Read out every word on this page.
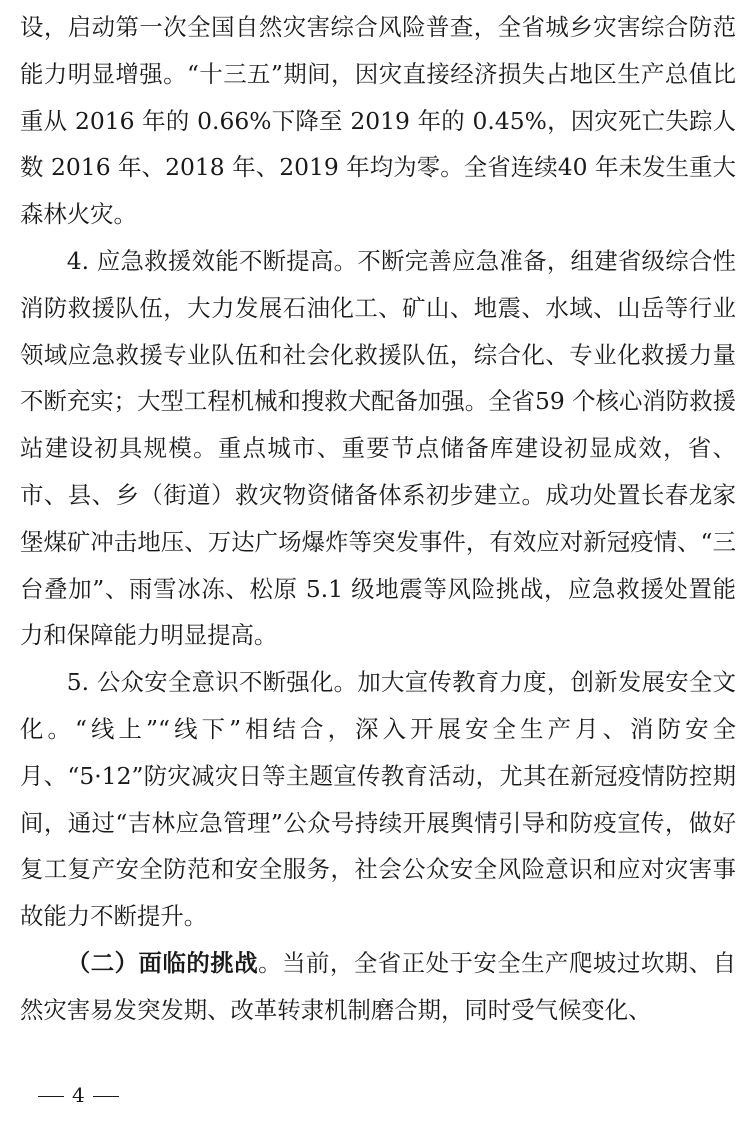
设，启动第一次全国自然灾害综合风险普查，全省城乡灾害综合防范能力明显增强。“十三五”期间，因灾直接经济损失占地区生产总值比重从 2016 年的 0.66%下降至 2019 年的 0.45%，因灾死亡失踪人数 2016 年、2018 年、2019 年均为零。全省连续40 年未发生重大森林火灾。

4. 应急救援效能不断提高。不断完善应急准备，组建省级综合性消防救援队伍，大力发展石油化工、矿山、地震、水域、山岳等行业领域应急救援专业队伍和社会化救援队伍，综合化、专业化救援力量不断充实；大型工程机械和搜救犬配备加强。全省59 个核心消防救援站建设初具规模。重点城市、重要节点储备库建设初显成效，省、市、县、乡（街道）救灾物资储备体系初步建立。成功处置长春龙家堡煤矿冲击地压、万达广场爆炸等突发事件，有效应对新冠疫情、“三台叠加”、雨雪冰冻、松原 5.1 级地震等风险挑战，应急救援处置能力和保障能力明显提高。

5. 公众安全意识不断强化。加大宣传教育力度，创新发展安全文化。“线上”“线下”相结合，深入开展安全生产月、消防安全月、“5·12”防灾减灾日等主题宣传教育活动，尤其在新冠疫情防控期间，通过“吉林应急管理”公众号持续开展舆情引导和防疫宣传，做好复工复产安全防范和安全服务，社会公众安全风险意识和应对灾害事故能力不断提升。

（二）面临的挑战。当前，全省正处于安全生产爬坡过坎期、自然灾害易发突发期、改革转隶机制磨合期，同时受气候变化、

4
